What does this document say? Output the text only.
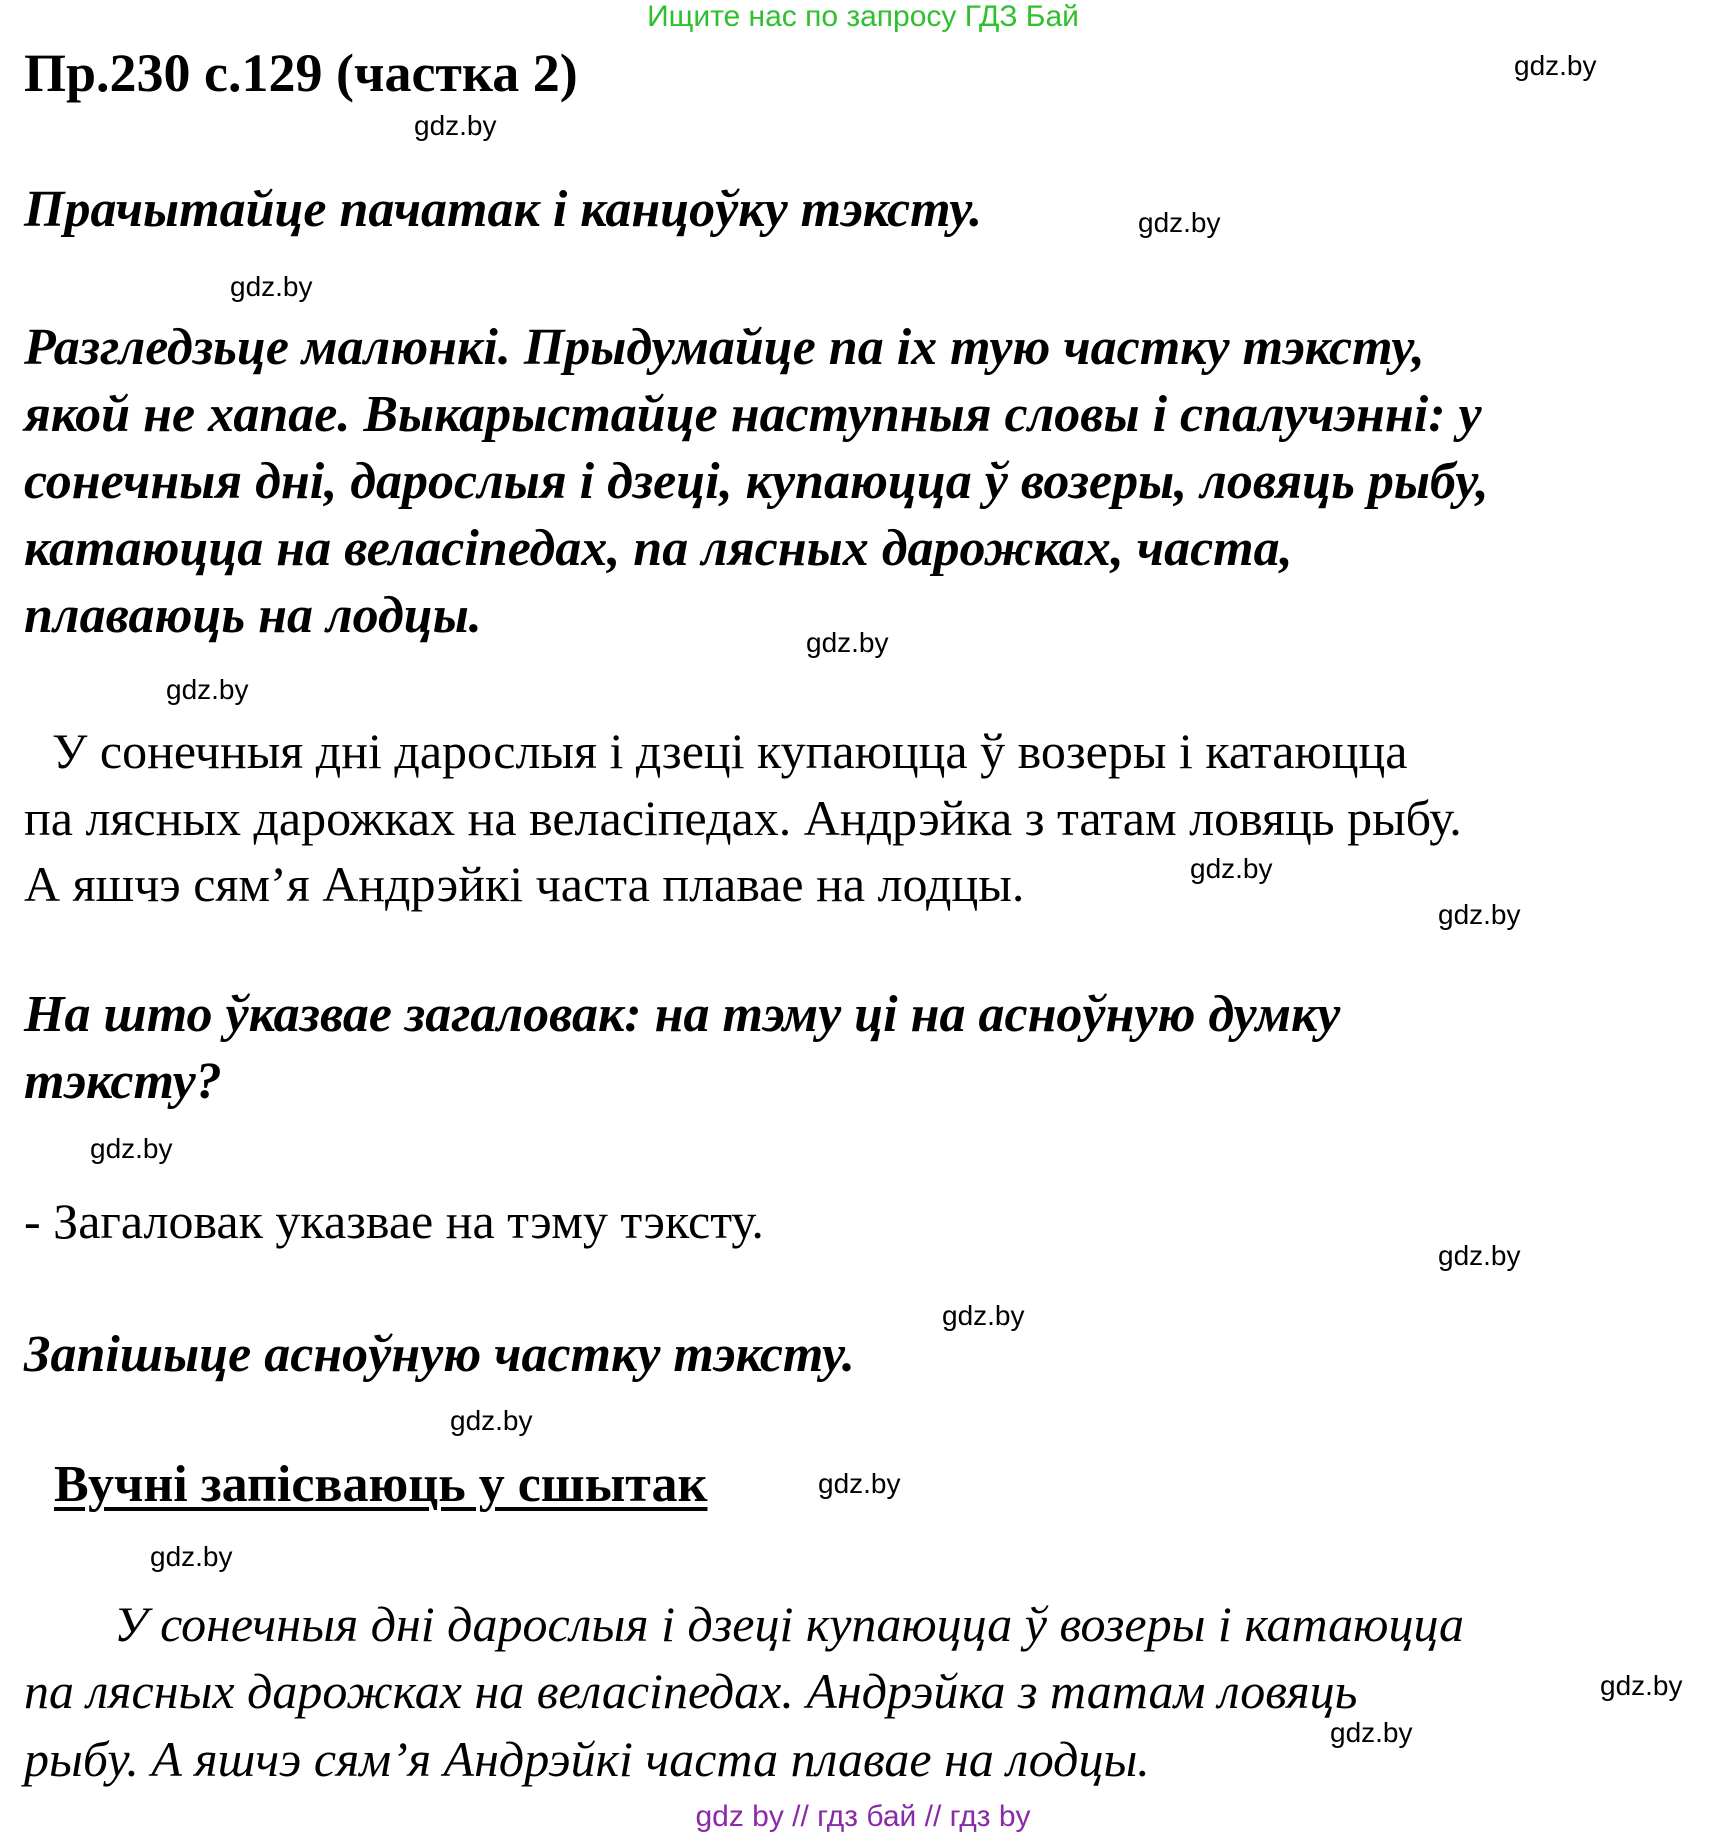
Ищите нас по запросу ГДЗ Бай
Пр.230 с.129 (частка 2)
Прачытайце пачатак і канцоўку тэксту.
Разгледзьце малюнкі. Прыдумайце па іх тую частку тэксту,
якой не хапае. Выкарыстайце наступныя словы і спалучэнні: у
сонечныя дні, дарослыя і дзеці, купаюцца ў возеры, ловяць рыбу,
катаюцца на веласіпедах, па лясных дарожках, часта,
плаваюць на лодцы.
У сонечныя дні дарослыя і дзеці купаюцца ў возеры і катаюцца
па лясных дарожках на веласіпедах. Андрэйка з татам ловяць рыбу.
А яшчэ сям’я Андрэйкі часта плавае на лодцы.
На што ўказвае загаловак: на тэму ці на асноўную думку
тэксту?
- Загаловак указвае на тэму тэксту.
Запішыце асноўную частку тэксту.
Вучні запісваюць у сшытак
У сонечныя дні дарослыя і дзеці купаюцца ў возеры і катаюцца
па лясных дарожках на веласіпедах. Андрэйка з татам ловяць
рыбу. А яшчэ сям’я Андрэйкі часта плавае на лодцы.
gdz.by
gdz.by
gdz.by
gdz.by
gdz.by
gdz.by
gdz.by
gdz.by
gdz.by
gdz.by
gdz.by
gdz.by
gdz.by
gdz.by
gdz.by
gdz.by
gdz by // гдз бай // гдз by
